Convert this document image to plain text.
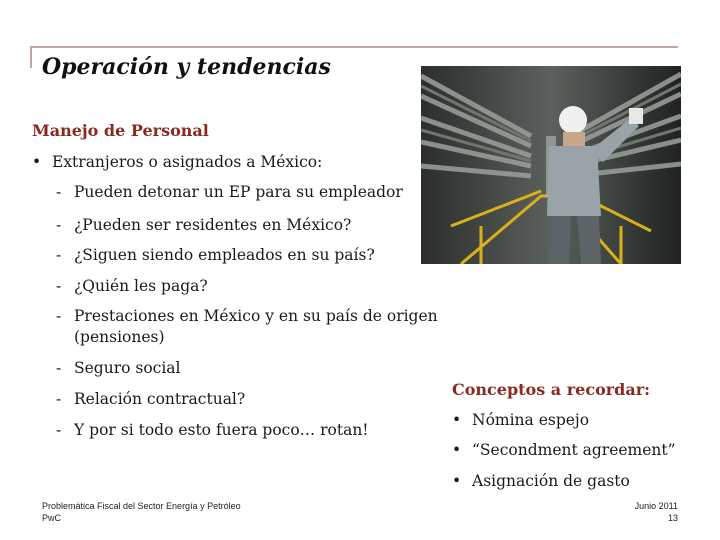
Operación y tendencias
Manejo de Personal
• Extranjeros o asignados a México:
- Pueden detonar un EP para su empleador
- ¿Pueden ser residentes en México?
- ¿Siguen siendo empleados en su país?
- ¿Quién les paga?
- Prestaciones en México y en su país de origen
(pensiones)
- Seguro social
- Relación contractual?
- Y por si todo esto fuera poco… rotan!
Conceptos a recordar:
• Nómina espejo
• “Secondment agreement”
• Asignación de gasto
Problemática Fiscal del Sector Energía y Petróleo
PwC
Junio 2011
13
